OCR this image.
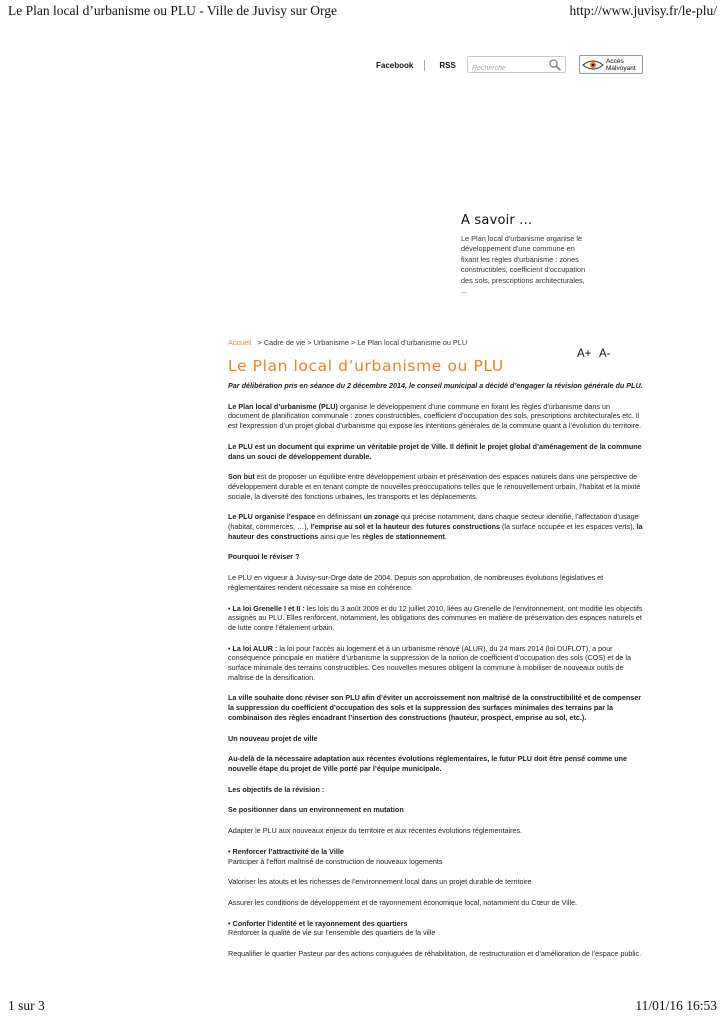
Le Plan local d’urbanisme ou PLU - Ville de Juvisy sur Orge	http://www.juvisy.fr/le-plu/
1 sur 3	11/01/16 16:53
Facebook	RSS
Recherche	Accès
Malvoyant
A savoir ...

Le Plan local d'urbanisme organise le développement d'une commune en fixant les règles d'urbanisme : zones constructibles, coefficient d'occupation des sols, prescriptions architecturales, ...

Accueil > Cadre de vie > Urbanisme > Le Plan local d’urbanisme ou PLU
Le Plan local d’urbanisme ou PLU
A+ A-

Par délibération pris en séance du 2 décembre 2014, le conseil municipal a décidé d’engager la révision générale du PLU.

Le Plan local d’urbanisme (PLU) organise le développement d’une commune en fixant les règles d’urbanisme dans un document de planification communale : zones constructibles, coefficient d’occupation des sols, prescriptions architecturales etc. Il est l’expression d’un projet global d’urbanisme qui expose les intentions générales de la commune quant à l’évolution du territoire.

Le PLU est un document qui exprime un véritable projet de Ville. Il définit le projet global d’aménagement de la commune dans un souci de développement durable.

Son but est de proposer un équilibre entre développement urbain et préservation des espaces naturels dans une perspective de développement durable et en tenant compte de nouvelles préoccupations telles que le renouvellement urbain, l’habitat et la mixité sociale, la diversité des fonctions urbaines, les transports et les déplacements.

Le PLU organise l’espace en définissant un zonage qui précise notamment, dans chaque secteur identifié, l’affectation d’usage (habitat, commerces, …), l’emprise au sol et la hauteur des futures constructions (la surface occupée et les espaces verts), la hauteur des constructions ainsi que les règles de stationnement.

Pourquoi le réviser ?

Le PLU en vigueur à Juvisy-sur-Orge date de 2004. Depuis son approbation, de nombreuses évolutions législatives et règlementaires rendent nécessaire sa mise en cohérence.

• La loi Grenelle I et II : les lois du 3 août 2009 et du 12 juillet 2010, liées au Grenelle de l’environnement, ont modifié les objectifs assignés au PLU. Elles renforcent, notamment, les obligations des communes en matière de préservation des espaces naturels et de lutte contre l’étalement urbain.

• La loi ALUR : la loi pour l’accès au logement et à un urbanisme rénové (ALUR), du 24 mars 2014 (loi DUFLOT), a pour conséquence principale en matière d’urbanisme la suppression de la notion de coefficient d’occupation des sols (COS) et de la surface minimale des terrains constructibles. Ces nouvelles mesures obligent la commune à mobiliser de nouveaux outils de maîtrise de la densification.

La ville souhaite donc réviser son PLU afin d’éviter un accroissement non maîtrisé de la constructibilité et de compenser la suppression du coefficient d’occupation des sols et la suppression des surfaces minimales des terrains par la combinaison des règles encadrant l’insertion des constructions (hauteur, prospect, emprise au sol, etc.).

Un nouveau projet de ville

Au-delà de la nécessaire adaptation aux récentes évolutions réglementaires, le futur PLU doit être pensé comme une nouvelle étape du projet de Ville porté par l’équipe municipale.

Les objectifs de la révision :

Se positionner dans un environnement en mutation

Adapter le PLU aux nouveaux enjeux du territoire et aux récentes évolutions réglementaires.

• Renforcer l’attractivité de la Ville

Participer à l’effort maîtrisé de construction de nouveaux logements

Valoriser les atouts et les richesses de l’environnement local dans un projet durable de territoire

Assurer les conditions de développement et de rayonnement économique local, notamment du Cœur de Ville.

• Conforter l’identité et le rayonnement des quartiers

Renforcer la qualité de vie sur l’ensemble des quartiers de la ville

Requalifier le quartier Pasteur par des actions conjuguées de réhabilitation, de restructuration et d’amélioration de l’espace public.
